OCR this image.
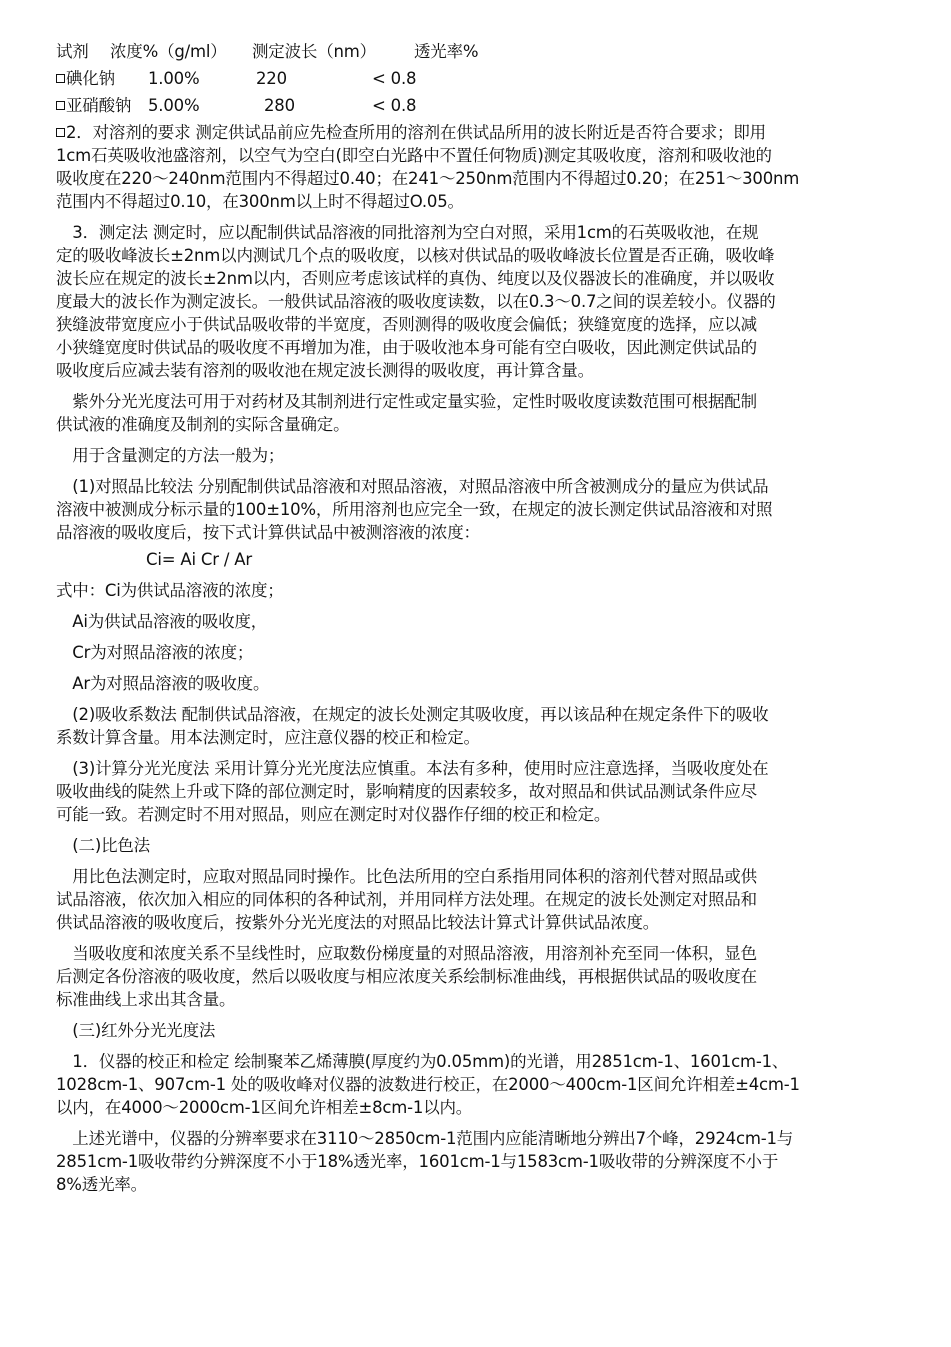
试剂 浓度%（g/ml） 测定波长（nm） 透光率%
碘化钠 1.00%	220	< 0.8
亚硝酸钠 5.00%	280	< 0.8
2．对溶剂的要求 测定供试品前应先检查所用的溶剂在供试品所用的波长附近是否符合要求；即用
1cm石英吸收池盛溶剂，以空气为空白(即空白光路中不置任何物质)测定其吸收度，溶剂和吸收池的
吸收度在220～240nm范围内不得超过0.40；在241～250nm范围内不得超过0.20；在251～300nm
范围内不得超过0.10，在300nm以上时不得超过O.05。
　3．测定法 测定时，应以配制供试品溶液的同批溶剂为空白对照，采用1cm的石英吸收池，在规
定的吸收峰波长±2nm以内测试几个点的吸收度，以核对供试品的吸收峰波长位置是否正确，吸收峰
波长应在规定的波长±2nm以内，否则应考虑该试样的真伪、纯度以及仪器波长的准确度，并以吸收
度最大的波长作为测定波长。一般供试品溶液的吸收度读数，以在0.3～0.7之间的误差较小。仪器的
狭缝波带宽度应小于供试品吸收带的半宽度，否则测得的吸收度会偏低；狭缝宽度的选择，应以减
小狭缝宽度时供试品的吸收度不再增加为准，由于吸收池本身可能有空白吸收，因此测定供试品的
吸收度后应减去装有溶剂的吸收池在规定波长测得的吸收度，再计算含量。
　紫外分光光度法可用于对药材及其制剂进行定性或定量实验，定性时吸收度读数范围可根据配制
供试液的准确度及制剂的实际含量确定。
　用于含量测定的方法一般为；
　(1)对照品比较法 分别配制供试品溶液和对照品溶液，对照品溶液中所含被测成分的量应为供试品
溶液中被测成分标示量的100±10%，所用溶剂也应完全一致，在规定的波长测定供试品溶液和对照
品溶液的吸收度后，按下式计算供试品中被测溶液的浓度：
Ci= Ai Cr / Ar
式中：Ci为供试品溶液的浓度；
　Ai为供试品溶液的吸收度，
　Cr为对照品溶液的浓度；
　Ar为对照品溶液的吸收度。
　(2)吸收系数法 配制供试品溶液，在规定的波长处测定其吸收度，再以该品种在规定条件下的吸收
系数计算含量。用本法测定时，应注意仪器的校正和检定。
　(3)计算分光光度法 采用计算分光光度法应慎重。本法有多种，使用时应注意选择，当吸收度处在
吸收曲线的陡然上升或下降的部位测定时，影响精度的因素较多，故对照品和供试品测试条件应尽
可能一致。若测定时不用对照品，则应在测定时对仪器作仔细的校正和检定。
　(二)比色法
　用比色法测定时，应取对照品同时操作。比色法所用的空白系指用同体积的溶剂代替对照品或供
试品溶液，依次加入相应的同体积的各种试剂，并用同样方法处理。在规定的波长处测定对照品和
供试品溶液的吸收度后，按紫外分光光度法的对照品比较法计算式计算供试品浓度。
　当吸收度和浓度关系不呈线性时，应取数份梯度量的对照品溶液，用溶剂补充至同一体积，显色
后测定各份溶液的吸收度，然后以吸收度与相应浓度关系绘制标准曲线，再根据供试品的吸收度在
标准曲线上求出其含量。
　(三)红外分光光度法
　1．仪器的校正和检定 绘制聚苯乙烯薄膜(厚度约为0.05mm)的光谱，用2851cm-1、1601cm-1、
1028cm-1、907cm-1 处的吸收峰对仪器的波数进行校正，在2000～400cm-1区间允许相差±4cm-1
以内，在4000～2000cm-1区间允许相差±8cm-1以内。
　上述光谱中，仪器的分辨率要求在3110～2850cm-1范围内应能清晰地分辨出7个峰，2924cm-1与
2851cm-1吸收带约分辨深度不小于18%透光率，1601cm-1与1583cm-1吸收带的分辨深度不小于
8%透光率。
